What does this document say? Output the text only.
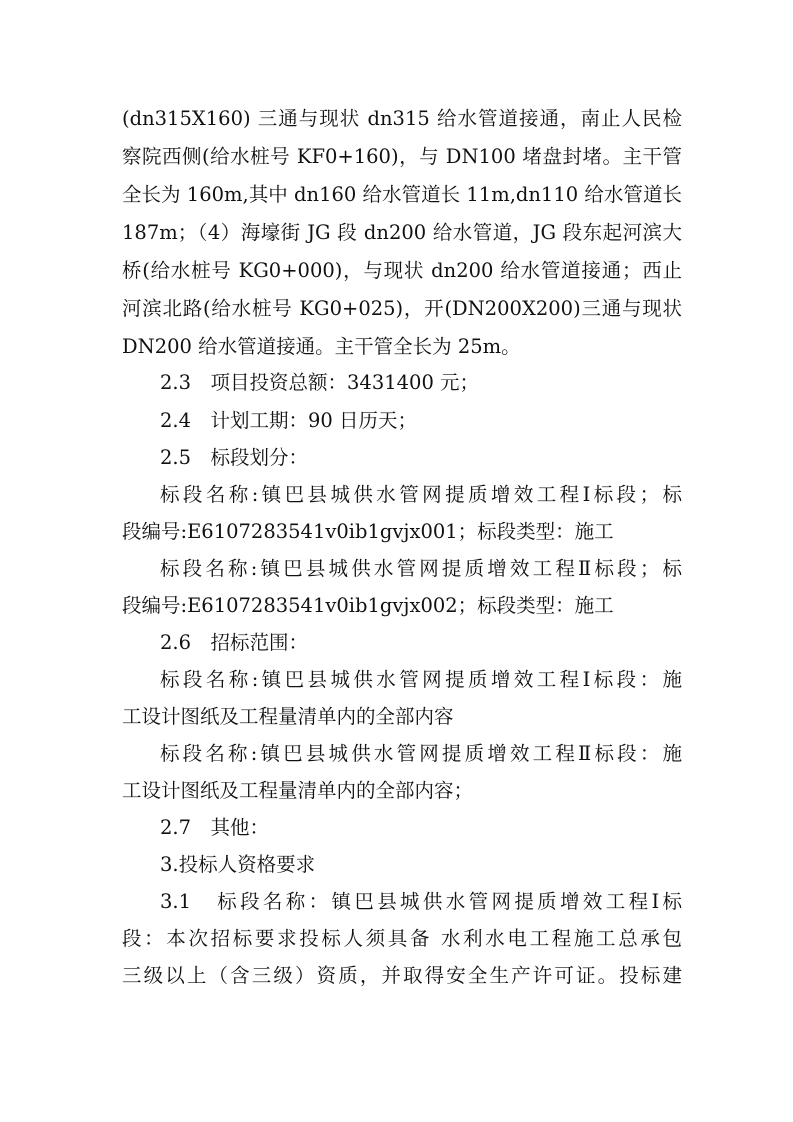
(dn315X160) 三通与现状 dn315 给水管道接通，南止人民检
察院西侧(给水桩号 KF0+160)，与 DN100 堵盘封堵。主干管
全长为 160m,其中 dn160 给水管道长 11m,dn110 给水管道长
187m；（4）海壕街 JG 段 dn200 给水管道，JG 段东起河滨大
桥(给水桩号 KG0+000)，与现状 dn200 给水管道接通；西止
河滨北路(给水桩号 KG0+025)，开(DN200X200)三通与现状
DN200 给水管道接通。主干管全长为 25m。
2.3　项目投资总额：3431400 元；
2.4　计划工期：90 日历天；
2.5　标段划分：
标段名称:镇巴县城供水管网提质增效工程Ⅰ标段；标
段编号:E6107283541v0ib1gvjx001；标段类型：施工
标段名称:镇巴县城供水管网提质增效工程Ⅱ标段；标
段编号:E6107283541v0ib1gvjx002；标段类型：施工
2.6　招标范围：
标段名称:镇巴县城供水管网提质增效工程Ⅰ标段：施
工设计图纸及工程量清单内的全部内容
标段名称:镇巴县城供水管网提质增效工程Ⅱ标段：施
工设计图纸及工程量清单内的全部内容；
2.7　其他：
3.投标人资格要求
3.1　标段名称：镇巴县城供水管网提质增效工程Ⅰ标
段：本次招标要求投标人须具备 水利水电工程施工总承包
三级以上（含三级）资质，并取得安全生产许可证。投标建
